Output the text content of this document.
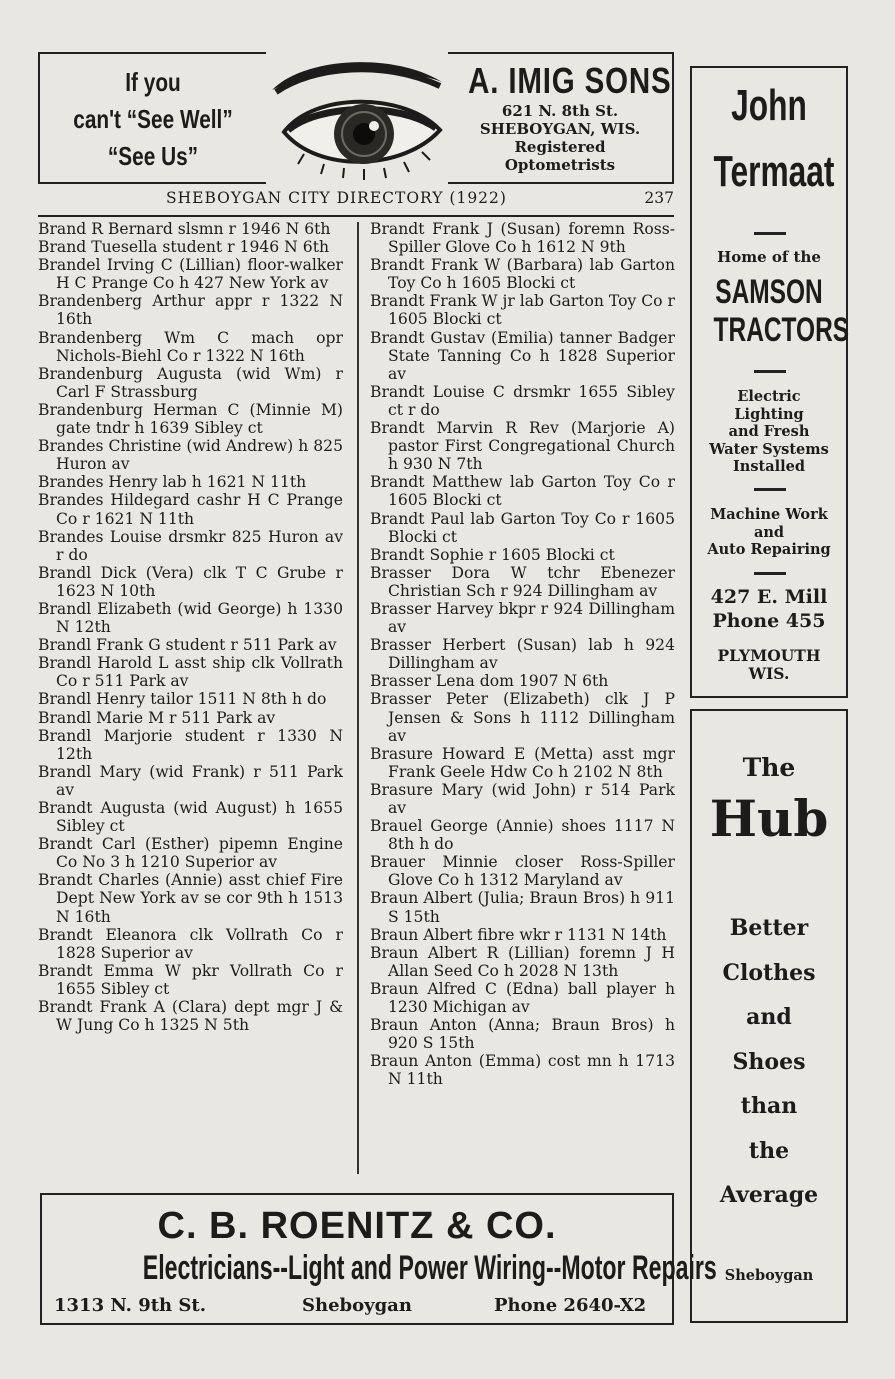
If you
can't “See Well”
“See Us”
A. IMIG SONS
621 N. 8th St.
SHEBOYGAN, WIS.
Registered
Optometrists
SHEBOYGAN CITY DIRECTORY (1922)	237
Brand R Bernard slsmn r 1946 N 6th
Brand Tuesella student r 1946 N 6th
Brandel Irving C (Lillian) floor-walker H C Prange Co h 427 New York av
Brandenberg Arthur appr r 1322 N 16th
Brandenberg Wm C mach opr Nichols-Biehl Co r 1322 N 16th
Brandenburg Augusta (wid Wm) r Carl F Strassburg
Brandenburg Herman C (Minnie M) gate tndr h 1639 Sibley ct
Brandes Christine (wid Andrew) h 825 Huron av
Brandes Henry lab h 1621 N 11th
Brandes Hildegard cashr H C Prange Co r 1621 N 11th
Brandes Louise drsmkr 825 Huron av r do
Brandl Dick (Vera) clk T C Grube r 1623 N 10th
Brandl Elizabeth (wid George) h 1330 N 12th
Brandl Frank G student r 511 Park av
Brandl Harold L asst ship clk Vollrath Co r 511 Park av
Brandl Henry tailor 1511 N 8th h do
Brandl Marie M r 511 Park av
Brandl Marjorie student r 1330 N 12th
Brandl Mary (wid Frank) r 511 Park av
Brandt Augusta (wid August) h 1655 Sibley ct
Brandt Carl (Esther) pipemn Engine Co No 3 h 1210 Superior av
Brandt Charles (Annie) asst chief Fire Dept New York av se cor 9th h 1513 N 16th
Brandt Eleanora clk Vollrath Co r 1828 Superior av
Brandt Emma W pkr Vollrath Co r 1655 Sibley ct
Brandt Frank A (Clara) dept mgr J & W Jung Co h 1325 N 5th
Brandt Frank J (Susan) foremn Ross-Spiller Glove Co h 1612 N 9th
Brandt Frank W (Barbara) lab Garton Toy Co h 1605 Blocki ct
Brandt Frank W jr lab Garton Toy Co r 1605 Blocki ct
Brandt Gustav (Emilia) tanner Badger State Tanning Co h 1828 Superior av
Brandt Louise C drsmkr 1655 Sibley ct r do
Brandt Marvin R Rev (Marjorie A) pastor First Congregational Church h 930 N 7th
Brandt Matthew lab Garton Toy Co r 1605 Blocki ct
Brandt Paul lab Garton Toy Co r 1605 Blocki ct
Brandt Sophie r 1605 Blocki ct
Brasser Dora W tchr Ebenezer Christian Sch r 924 Dillingham av
Brasser Harvey bkpr r 924 Dillingham av
Brasser Herbert (Susan) lab h 924 Dillingham av
Brasser Lena dom 1907 N 6th
Brasser Peter (Elizabeth) clk J P Jensen & Sons h 1112 Dillingham av
Brasure Howard E (Metta) asst mgr Frank Geele Hdw Co h 2102 N 8th
Brasure Mary (wid John) r 514 Park av
Brauel George (Annie) shoes 1117 N 8th h do
Brauer Minnie closer Ross-Spiller Glove Co h 1312 Maryland av
Braun Albert (Julia; Braun Bros) h 911 S 15th
Braun Albert fibre wkr r 1131 N 14th
Braun Albert R (Lillian) foremn J H Allan Seed Co h 2028 N 13th
Braun Alfred C (Edna) ball player h 1230 Michigan av
Braun Anton (Anna; Braun Bros) h 920 S 15th
Braun Anton (Emma) cost mn h 1713 N 11th
John
Termaat
Home of the
SAMSON
TRACTORS
Electric
Lighting
and Fresh
Water Systems
Installed
Machine Work
and
Auto Repairing
427 E. Mill
Phone 455
PLYMOUTH
WIS.
The
Hub
Better
Clothes
and
Shoes
than
the
Average
Sheboygan
C. B. ROENITZ & CO.
Electricians--Light and Power Wiring--Motor Repairs
1313 N. 9th St.	Sheboygan	Phone 2640-X2
